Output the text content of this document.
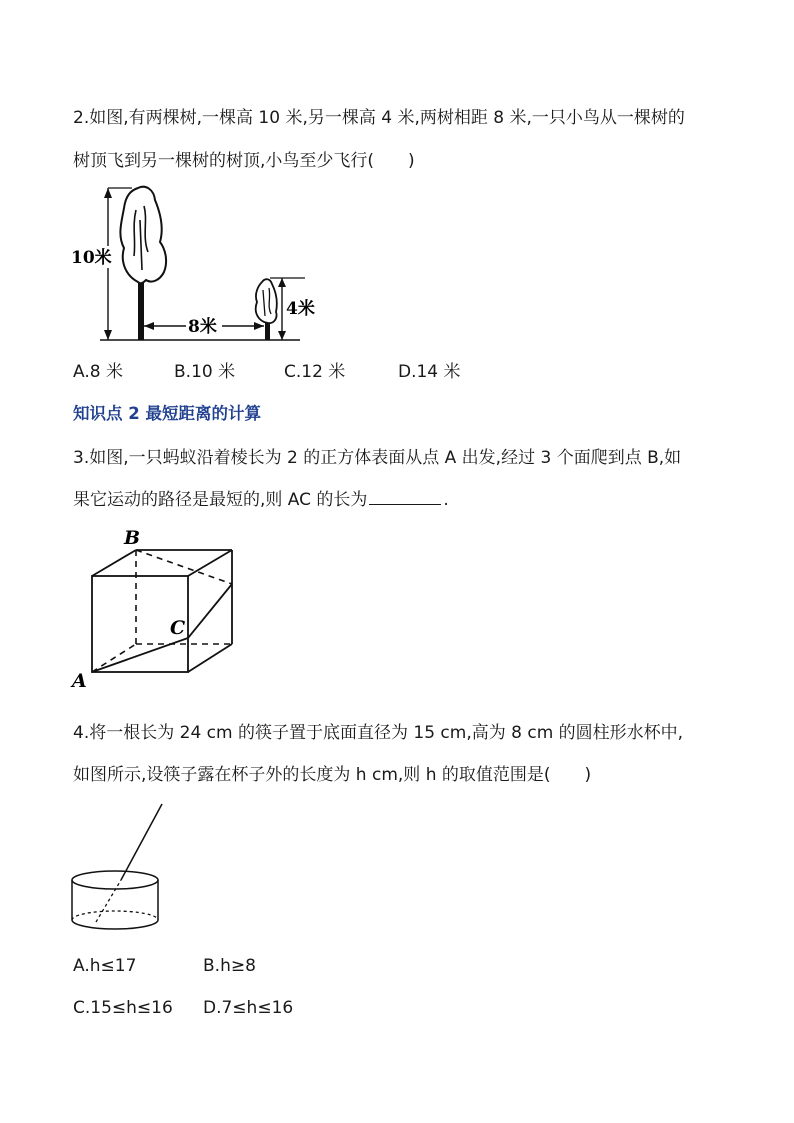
2.如图,有两棵树,一棵高 10 米,另一棵高 4 米,两树相距 8 米,一只小鸟从一棵树的
树顶飞到另一棵树的树顶,小鸟至少飞行( )
10米
4米
8米
A.8 米	B.10 米	C.12 米	D.14 米
知识点 2 最短距离的计算
3.如图,一只蚂蚁沿着棱长为 2 的正方体表面从点 A 出发,经过 3 个面爬到点 B,如
果它运动的路径是最短的,则 AC 的长为	.
A
B
C
4.将一根长为 24 cm 的筷子置于底面直径为 15 cm,高为 8 cm 的圆柱形水杯中,
如图所示,设筷子露在杯子外的长度为 h cm,则 h 的取值范围是( )
A.h≤17	B.h≥8
C.15≤h≤16 D.7≤h≤16
